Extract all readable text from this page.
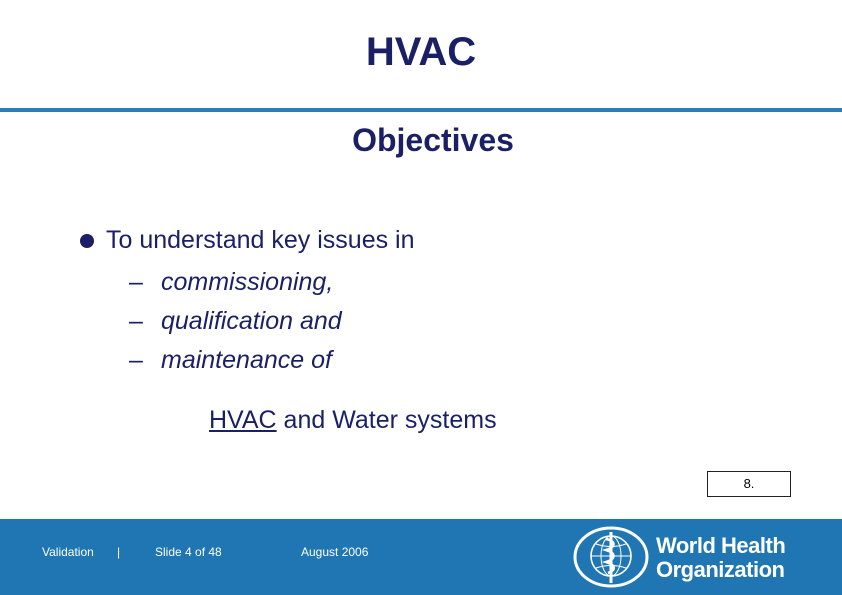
HVAC
Objectives
To understand key issues in
– commissioning,
– qualification and
– maintenance of
HVAC and Water systems
8.
Validation |	Slide 4 of 48	August 2006	World Health
Organization
